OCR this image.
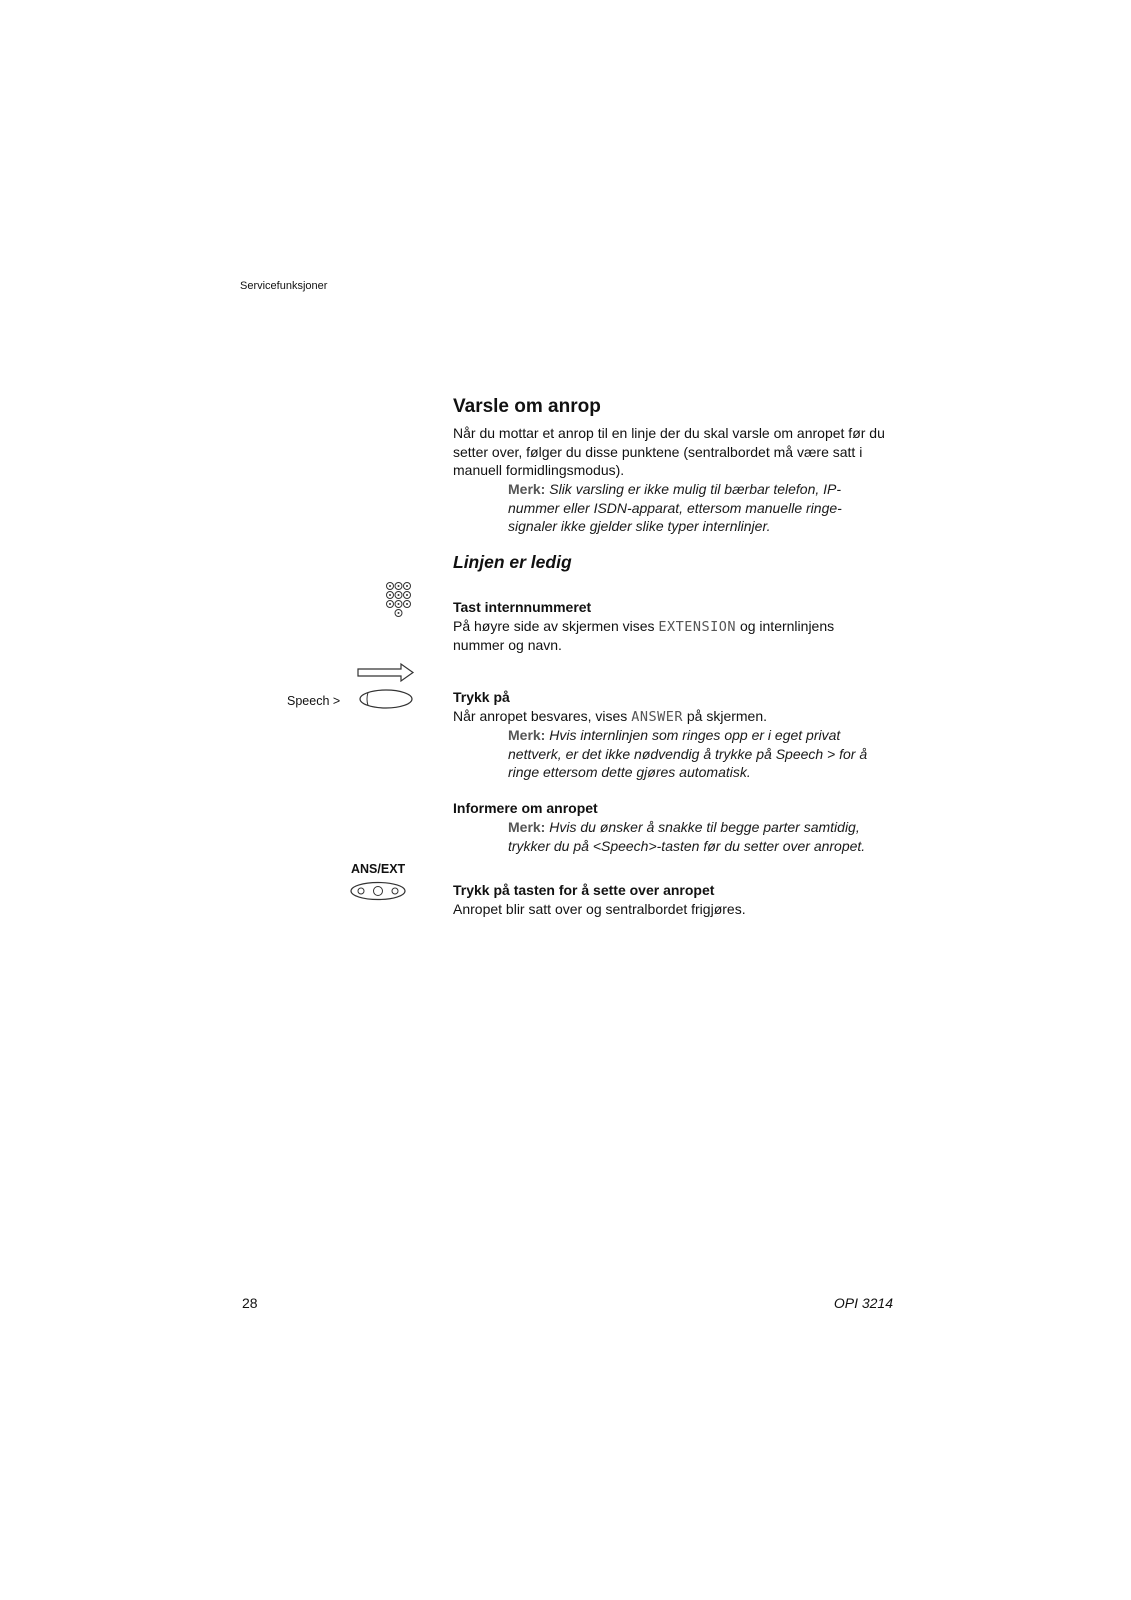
Servicefunksjoner
Varsle om anrop
Når du mottar et anrop til en linje der du skal varsle om anropet før du
setter over, følger du disse punktene (sentralbordet må være satt i
manuell formidlingsmodus).
Merk: Slik varsling er ikke mulig til bærbar telefon, IP-
nummer eller ISDN-apparat, ettersom manuelle ringe-
signaler ikke gjelder slike typer internlinjer.
Linjen er ledig
Tast internnummeret
På høyre side av skjermen vises EXTENSION og internlinjens
nummer og navn.
Speech >	Trykk på
Når anropet besvares, vises ANSWER på skjermen.
Merk: Hvis internlinjen som ringes opp er i eget privat
nettverk, er det ikke nødvendig å trykke på Speech > for å
ringe ettersom dette gjøres automatisk.
Informere om anropet
Merk: Hvis du ønsker å snakke til begge parter samtidig,
trykker du på <Speech>-tasten før du setter over anropet.
ANS/EXT
Trykk på tasten for å sette over anropet
Anropet blir satt over og sentralbordet frigjøres.
28	OPI 3214
